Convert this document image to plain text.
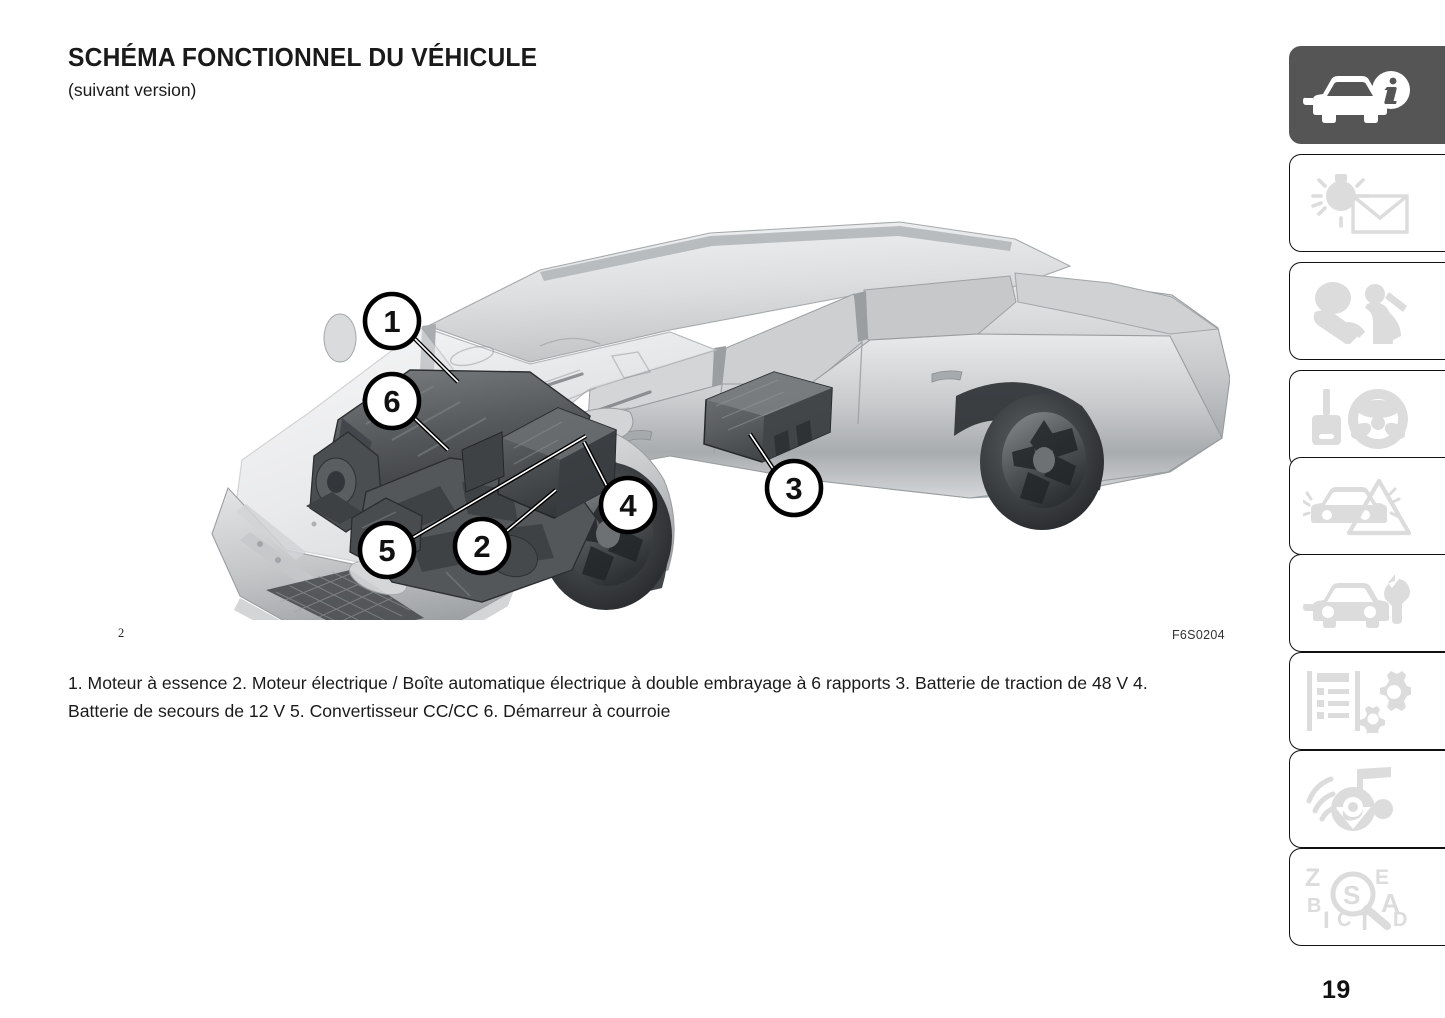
SCHÉMA FONCTIONNEL DU VÉHICULE
(suivant version)
1
6
5	2
4	3
2	F6S0204
1. Moteur à essence 2. Moteur électrique / Boîte automatique électrique à double embrayage à 6 rapports 3. Batterie de traction de 48 V 4. Batterie de secours de 12 V 5. Convertisseur CC/CC 6. Démarreur à courroie
Z
B
I C T
E
A
D
S
19
